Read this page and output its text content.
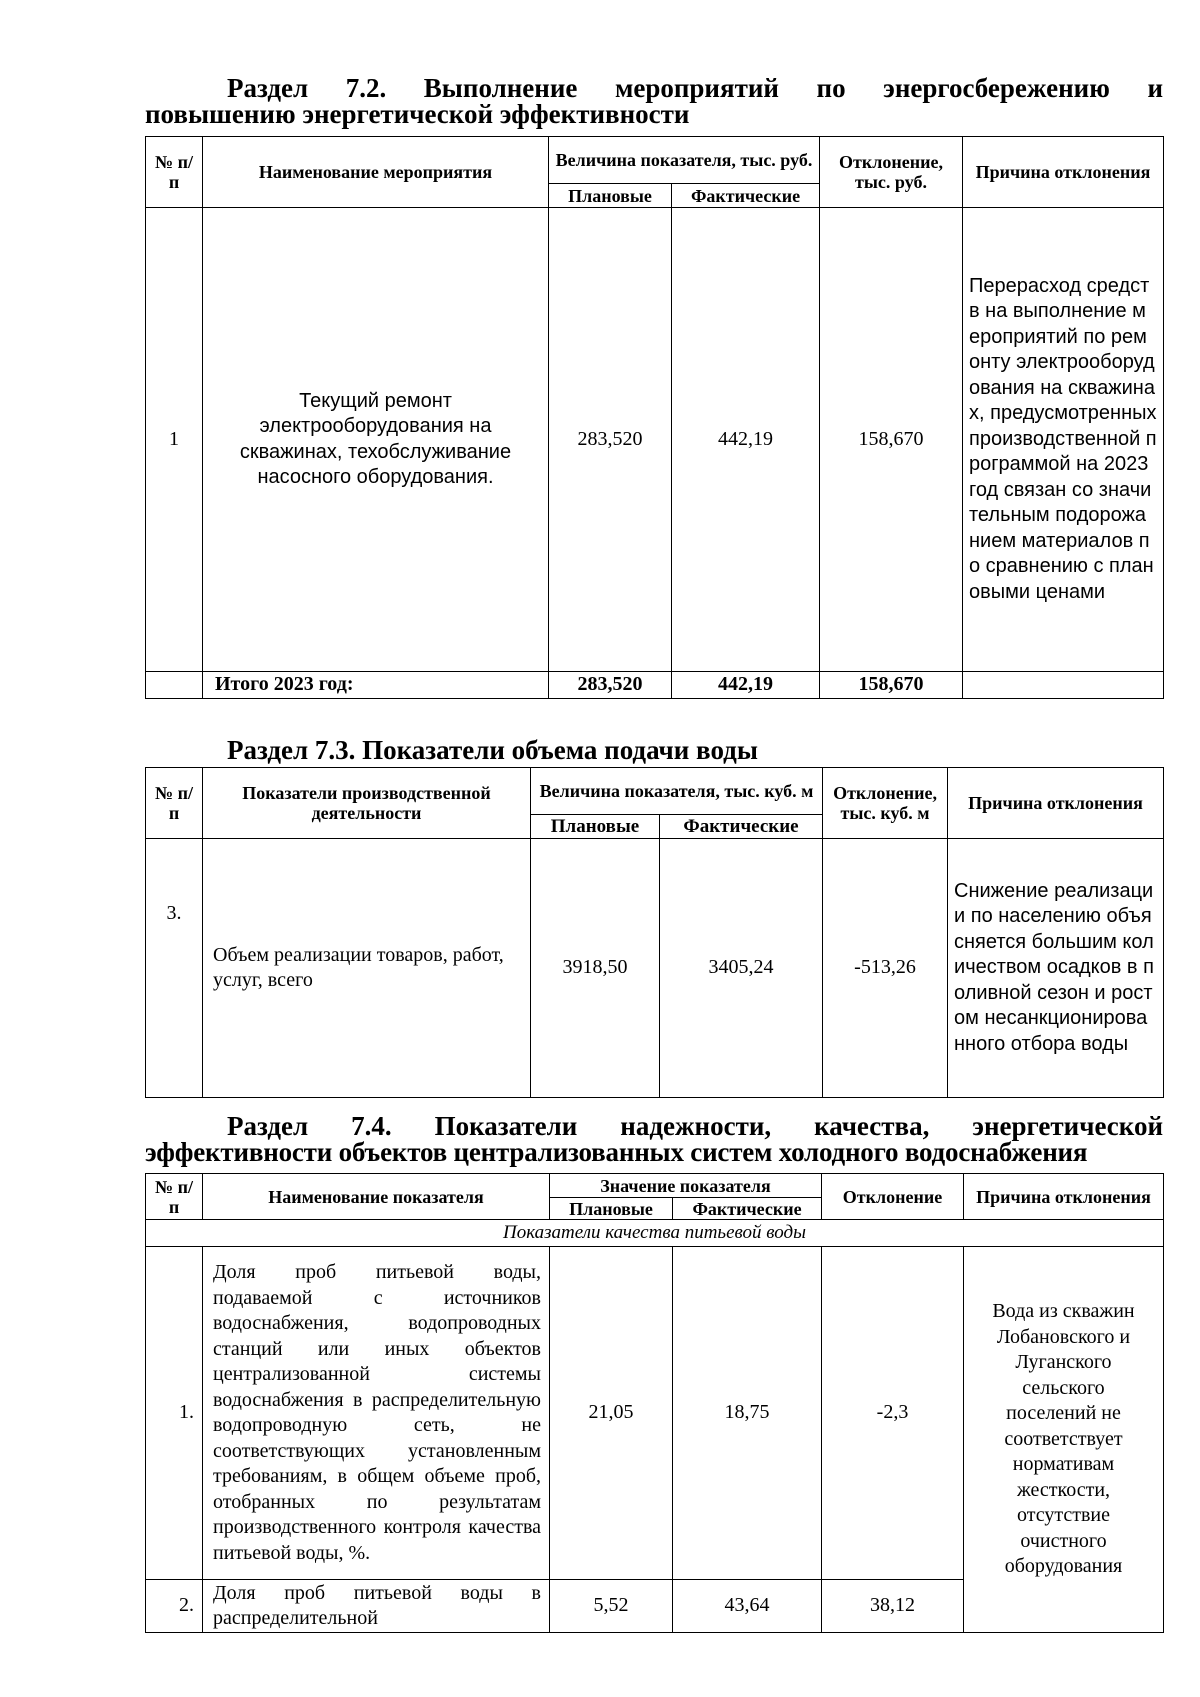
Раздел 7.2. Выполнение мероприятий по энергосбережению и
повышению энергетической эффективности
№ п/п	Наименование мероприятия	Величина показателя, тыс. руб.		Отклонение, тыс. руб.	Причина отклонения
		Плановые	Фактические		
1	Текущий ремонт электрооборудования на скважинах, техобслуживание насосного оборудования.	283,520	442,19	158,670	Перерасход средств на выполнение мероприятий по ремонту электрооборудования на скважинах, предусмотренных производственной программой на 2023 год связан со значительным подорожанием материалов по сравнению с плановыми ценами
	Итого 2023 год:	283,520	442,19	158,670	
Раздел 7.3. Показатели объема подачи воды
№ п/п	Показатели производственной деятельности	Величина показателя, тыс. куб. м		Отклонение, тыс. куб. м	Причина отклонения
		Плановые	Фактические		
3.	Объем реализации товаров, работ, услуг, всего	3918,50	3405,24	-513,26	Снижение реализации по населению объясняется большим количеством осадков в поливной сезон и ростом несанкционированного отбора воды
Раздел 7.4. Показатели надежности, качества, энергетической
эффективности объектов централизованных систем холодного водоснабжения
№ п/п	Наименование показателя	Значение показателя		Отклонение	Причина отклонения
		Плановые	Фактические		
Показатели качества питьевой воды					
1.	Доля проб питьевой воды, подаваемой с источников водоснабжения, водопроводных станций или иных объектов централизованной системы водоснабжения в распределительную водопроводную сеть, не соответствующих установленным требованиям, в общем объеме проб, отобранных по результатам производственного контроля качества питьевой воды, %.	21,05	18,75	-2,3	Вода из скважин Лобановского и Луганского сельского поселений не соответствует нормативам жесткости, отсутствие очистного оборудования
2.	Доля проб питьевой воды в распределительной	5,52	43,64	38,12	
